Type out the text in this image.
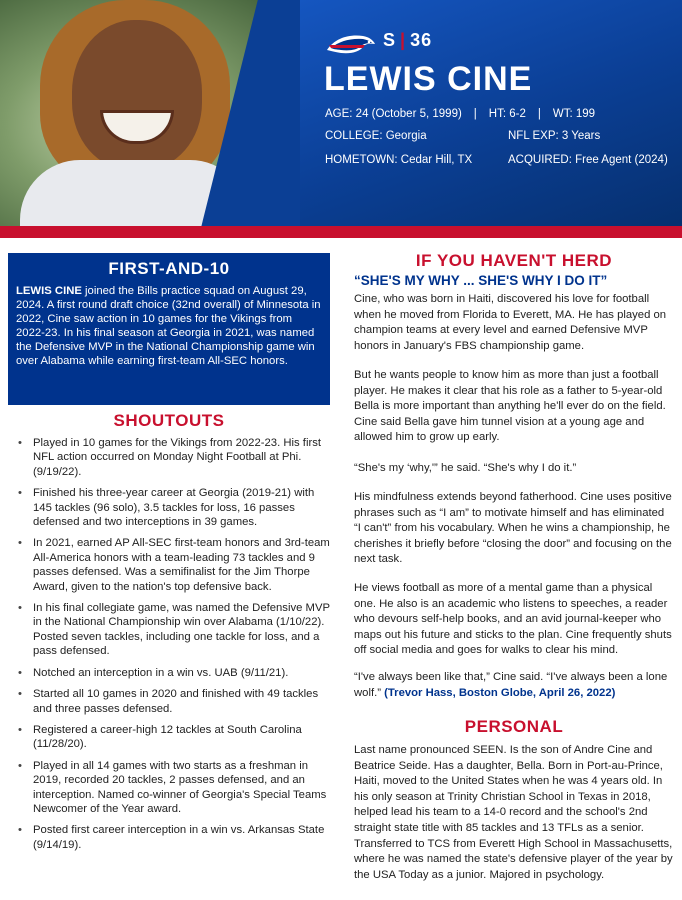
S | 36
LEWIS CINE
AGE: 24 (October 5, 1999) | HT: 6-2 | WT: 199
COLLEGE: Georgia	NFL EXP: 3 Years
HOMETOWN: Cedar Hill, TX	ACQUIRED: Free Agent (2024)
FIRST-AND-10

LEWIS CINE joined the Bills practice squad on August 29, 2024. A first round draft choice (32nd overall) of Minnesota in 2022, Cine saw action in 10 games for the Vikings from 2022-23. In his final season at Georgia in 2021, was named the Defensive MVP in the National Championship game win over Alabama while earning first-team All-SEC honors.

SHOUTOUTS
• Played in 10 games for the Vikings from 2022-23. His first NFL action occurred on Monday Night Football at Phi. (9/19/22).
• Finished his three-year career at Georgia (2019-21) with 145 tackles (96 solo), 3.5 tackles for loss, 16 passes defensed and two interceptions in 39 games.
• In 2021, earned AP All-SEC first-team honors and 3rd-team All-America honors with a team-leading 73 tackles and 9 passes defensed. Was a semifinalist for the Jim Thorpe Award, given to the nation's top defensive back.
• In his final collegiate game, was named the Defensive MVP in the National Championship win over Alabama (1/10/22). Posted seven tackles, including one tackle for loss, and a pass defensed.
• Notched an interception in a win vs. UAB (9/11/21).
• Started all 10 games in 2020 and finished with 49 tackles and three passes defensed.
• Registered a career-high 12 tackles at South Carolina (11/28/20).
• Played in all 14 games with two starts as a freshman in 2019, recorded 20 tackles, 2 passes defensed, and an interception. Named co-winner of Georgia's Special Teams Newcomer of the Year award.
• Posted first career interception in a win vs. Arkansas State (9/14/19).
IF YOU HAVEN'T HERD
“SHE'S MY WHY ... SHE'S WHY I DO IT”

Cine, who was born in Haiti, discovered his love for football when he moved from Florida to Everett, MA. He has played on champion teams at every level and earned Defensive MVP honors in January's FBS championship game.

But he wants people to know him as more than just a football player. He makes it clear that his role as a father to 5-year-old Bella is more important than anything he'll ever do on the field. Cine said Bella gave him tunnel vision at a young age and allowed him to grow up early.

“She's my ‘why,'” he said. “She's why I do it.”

His mindfulness extends beyond fatherhood. Cine uses positive phrases such as “I am” to motivate himself and has eliminated “I can't” from his vocabulary. When he wins a championship, he cherishes it briefly before “closing the door” and focusing on the next task.

He views football as more of a mental game than a physical one. He also is an academic who listens to speeches, a reader who devours self-help books, and an avid journal-keeper who maps out his future and sticks to the plan. Cine frequently shuts off social media and goes for walks to clear his mind.

“I've always been like that,” Cine said. “I've always been a lone wolf.” (Trevor Hass, Boston Globe, April 26, 2022)

PERSONAL

Last name pronounced SEEN. Is the son of Andre Cine and Beatrice Seide. Has a daughter, Bella. Born in Port-au-Prince, Haiti, moved to the United States when he was 4 years old. In his only season at Trinity Christian School in Texas in 2018, helped lead his team to a 14-0 record and the school's 2nd straight state title with 85 tackles and 13 TFLs as a senior. Transferred to TCS from Everett High School in Massachusetts, where he was named the state's defensive player of the year by the USA Today as a junior. Majored in psychology.
